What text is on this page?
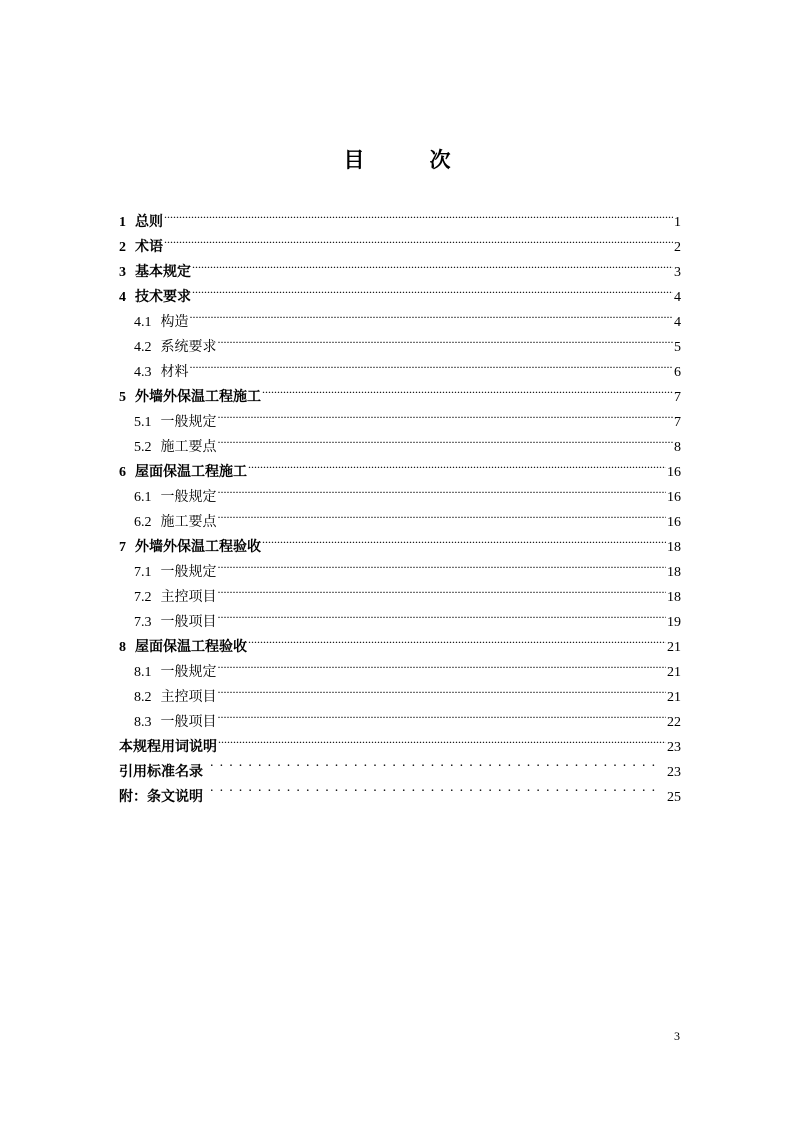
目　次
1 总则 .....	1
2 术语 .....	2
3 基本规定 .....	3
4 技术要求 .....	4
4.1 构造 .....	4
4.2 系统要求 .....	5
4.3 材料 .....	6
5 外墙外保温工程施工 .....	7
5.1 一般规定 .....	7
5.2 施工要点 .....	8
6 屋面保温工程施工 .....	16
6.1 一般规定 .....	16
6.2 施工要点 .....	16
7 外墙外保温工程验收 .....	18
7.1 一般规定 .....	18
7.2 主控项目 .....	18
7.3 一般项目 .....	19
8 屋面保温工程验收 .....	21
8.1 一般规定 .....	21
8.2 主控项目 .....	21
8.3 一般项目 .....	22
本规程用词说明 .....	23
引用标准名录 . . .	23
附：条文说明 . . .	25
3
